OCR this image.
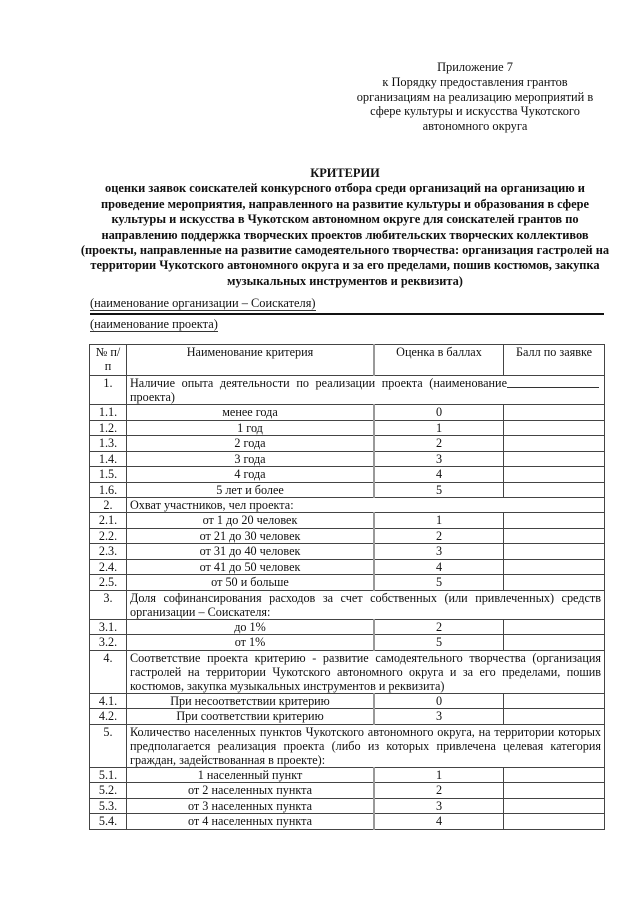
Приложение 7
к Порядку предоставления грантов
организациям на реализацию мероприятий в
сфере культуры и искусства Чукотского
автономного округа
КРИТЕРИИ
оценки заявок соискателей конкурсного отбора среди организаций на организацию и проведение мероприятия, направленного на развитие культуры и образования в сфере культуры и искусства в Чукотском автономном округе для соискателей грантов по направлению поддержка творческих проектов любительских творческих коллективов (проекты, направленные на развитие самодеятельного творчества: организация гастролей на территории Чукотского автономного округа и за его пределами, пошив костюмов, закупка музыкальных инструментов и реквизита)
(наименование организации – Соискателя)
(наименование проекта)
№ п/п	Наименование критерия	Оценка в баллах	Балл по заявке
1.	Наличие опыта деятельности по реализации проекта (наименование проекта)		
1.1.	менее года	0	
1.2.	1 год	1	
1.3.	2 года	2	
1.4.	3 года	3	
1.5.	4 года	4	
1.6.	5 лет и более	5	
2.	Охват участников, чел проекта:		
2.1.	от 1 до 20 человек	1	
2.2.	от 21 до 30 человек	2	
2.3.	от 31 до 40 человек	3	
2.4.	от 41 до 50 человек	4	
2.5.	от 50 и больше	5	
3.	Доля софинансирования расходов за счет собственных (или привлеченных) средств организации – Соискателя:		
3.1.	до 1%	2	
3.2.	от 1%	5	
4.	Соответствие проекта критерию - развитие самодеятельного творчества (организация гастролей на территории Чукотского автономного округа и за его пределами, пошив костюмов, закупка музыкальных инструментов и реквизита)		
4.1.	При несоответствии критерию	0	
4.2.	При соответствии критерию	3	
5.	Количество населенных пунктов Чукотского автономного округа, на территории которых предполагается реализация проекта (либо из которых привлечена целевая категория граждан, задействованная в проекте):		
5.1.	1 населенный пункт	1	
5.2.	от 2 населенных пункта	2	
5.3.	от 3 населенных пункта	3	
5.4.	от 4 населенных пункта	4	
